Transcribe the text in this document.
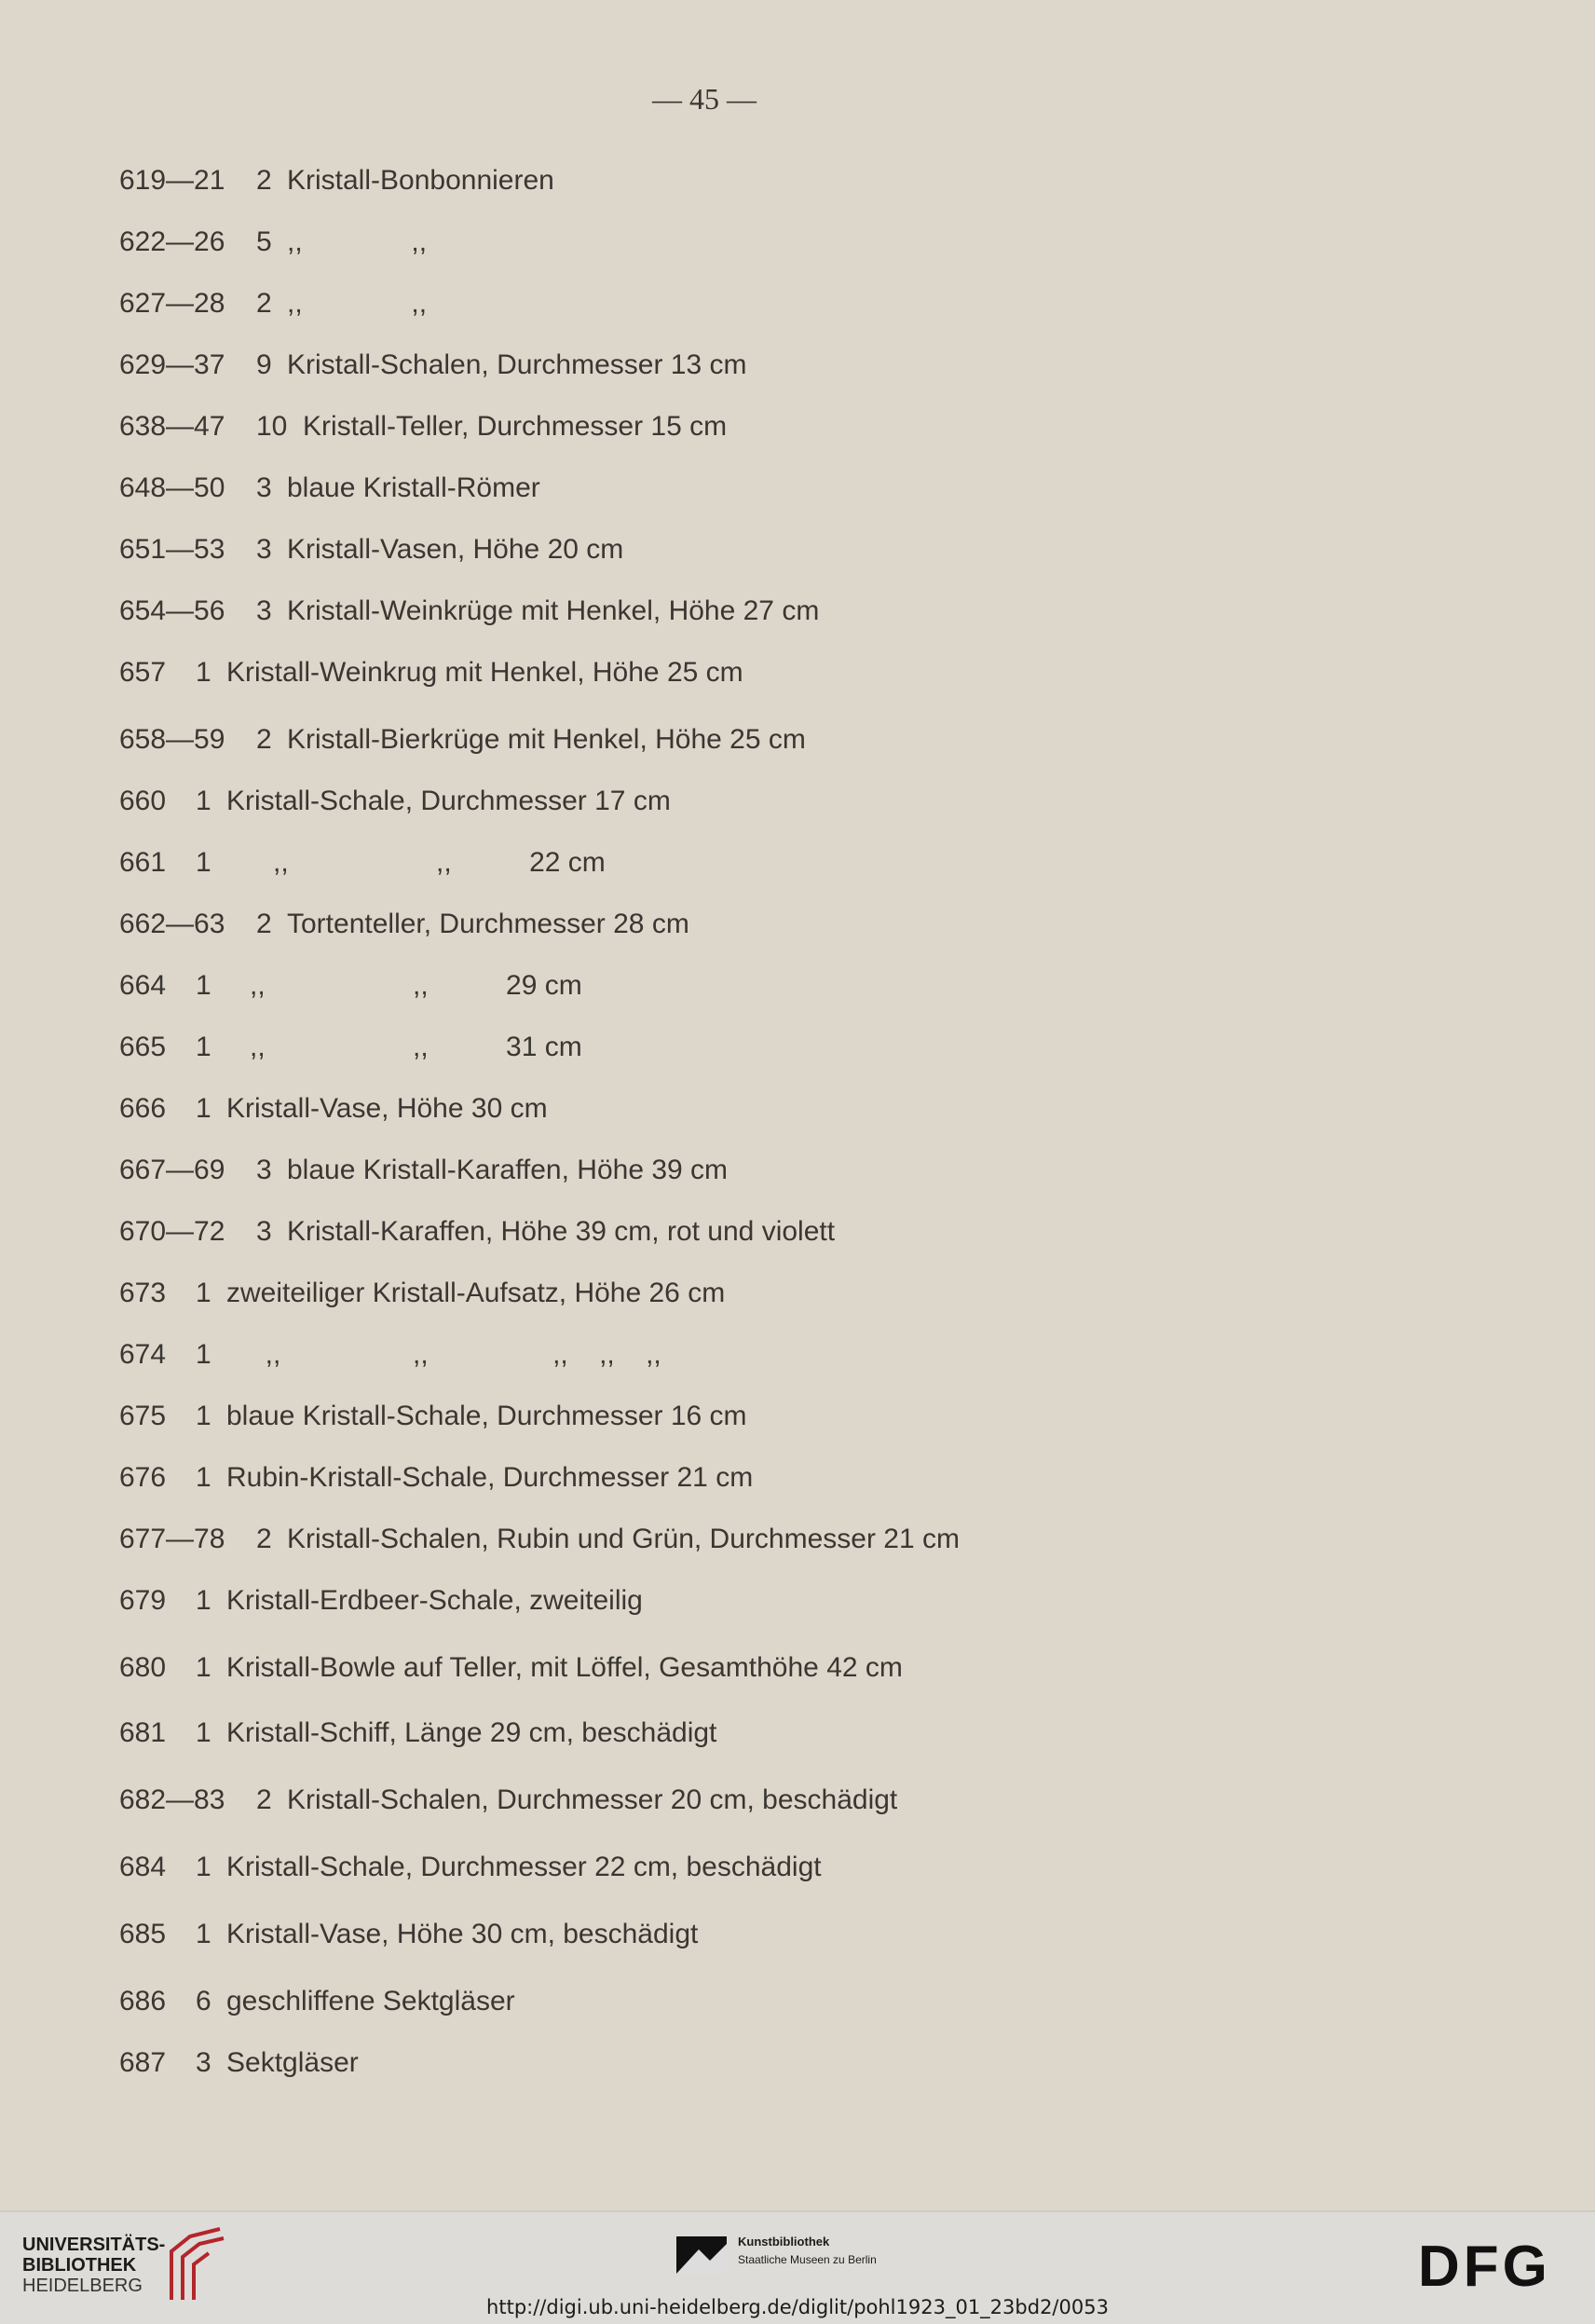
— 45 —
619—21 2 Kristall-Bonbonnieren
622—26 5 ,,              ,,
627—28 2 ,,              ,,
629—37 9 Kristall-Schalen, Durchmesser 13 cm
638—47 10 Kristall-Teller, Durchmesser 15 cm
648—50 3 blaue Kristall-Römer
651—53 3 Kristall-Vasen, Höhe 20 cm
654—56 3 Kristall-Weinkrüge mit Henkel, Höhe 27 cm
657 1 Kristall-Weinkrug mit Henkel, Höhe 25 cm
658—59 2 Kristall-Bierkrüge mit Henkel, Höhe 25 cm
660 1 Kristall-Schale, Durchmesser 17 cm
661 1 ,,                   ,,          22 cm
662—63 2 Tortenteller, Durchmesser 28 cm
664 1 ,,                   ,,          29 cm
665 1 ,,                   ,,          31 cm
666 1 Kristall-Vase, Höhe 30 cm
667—69 3 blaue Kristall-Karaffen, Höhe 39 cm
670—72 3 Kristall-Karaffen, Höhe 39 cm, rot und violett
673 1 zweiteiliger Kristall-Aufsatz, Höhe 26 cm
674 1 ,,                 ,,                ,,    ,,    ,,
675 1 blaue Kristall-Schale, Durchmesser 16 cm
676 1 Rubin-Kristall-Schale, Durchmesser 21 cm
677—78 2 Kristall-Schalen, Rubin und Grün, Durchmesser 21 cm
679 1 Kristall-Erdbeer-Schale, zweiteilig
680 1 Kristall-Bowle auf Teller, mit Löffel, Gesamthöhe 42 cm
681 1 Kristall-Schiff, Länge 29 cm, beschädigt
682—83 2 Kristall-Schalen, Durchmesser 20 cm, beschädigt
684 1 Kristall-Schale, Durchmesser 22 cm, beschädigt
685 1 Kristall-Vase, Höhe 30 cm, beschädigt
686 6 geschliffene Sektgläser
687 3 Sektgläser
UNIVERSITÄTS-
BIBLIOTHEK
HEIDELBERG
Kunstbibliothek
Staatliche Museen zu Berlin	DFG
http://digi.ub.uni-heidelberg.de/diglit/pohl1923_01_23bd2/0053
